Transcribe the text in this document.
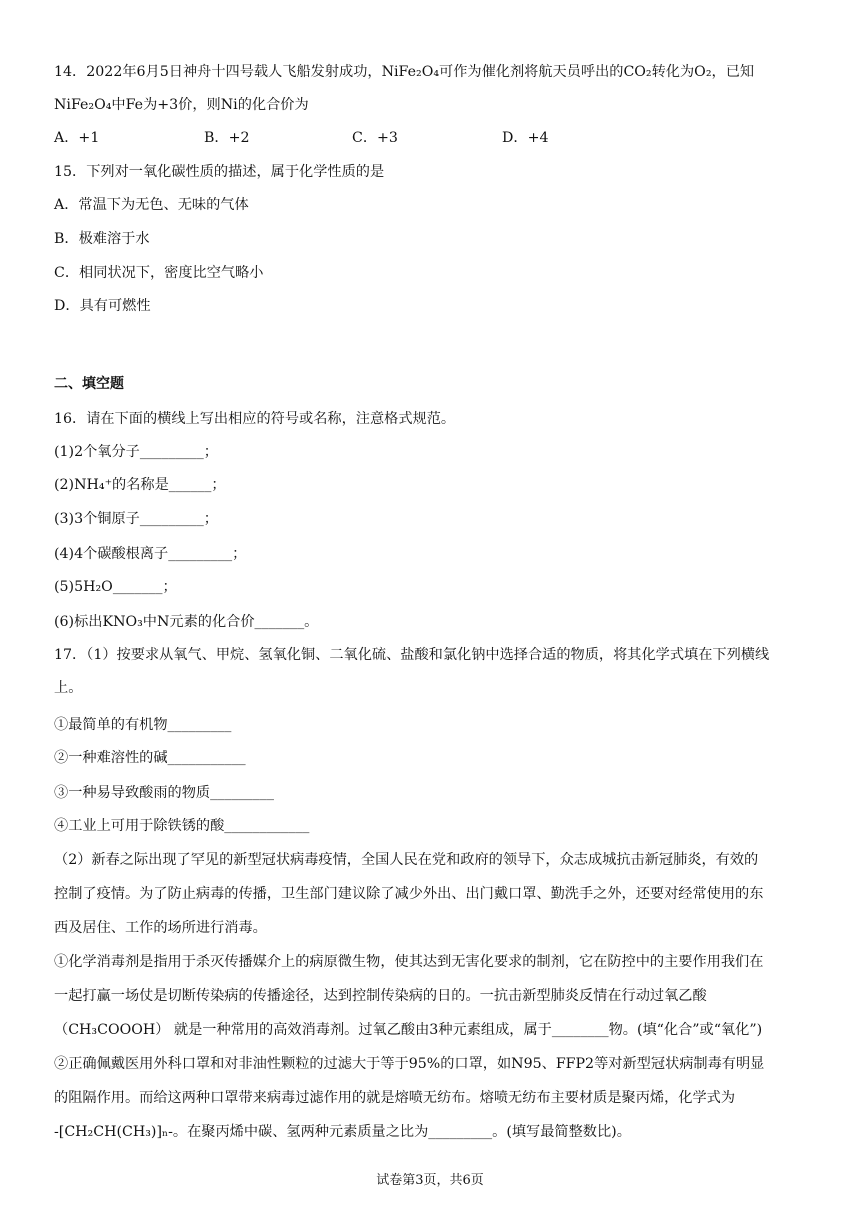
14．2022年6月5日神舟十四号载人飞船发射成功，NiFe₂O₄可作为催化剂将航天员呼出的CO₂转化为O₂，已知
NiFe₂O₄中Fe为+3价，则Ni的化合价为
A．+1	B．+2	C．+3	D．+4
15．下列对一氧化碳性质的描述，属于化学性质的是
A．常温下为无色、无味的气体
B．极难溶于水
C．相同状况下，密度比空气略小
D．具有可燃性
二、填空题
16．请在下面的横线上写出相应的符号或名称，注意格式规范。
(1)2个氧分子_________；
(2)NH₄⁺的名称是______；
(3)3个铜原子_________；
(4)4个碳酸根离子_________；
(5)5H₂O_______；
(6)标出KNO₃中N元素的化合价_______。
17．（1）按要求从氧气、甲烷、氢氧化铜、二氧化硫、盐酸和氯化钠中选择合适的物质，将其化学式填在下列横线
上。
①最简单的有机物_________
②一种难溶性的碱___________
③一种易导致酸雨的物质_________
④工业上可用于除铁锈的酸____________
（2）新春之际出现了罕见的新型冠状病毒疫情，全国人民在党和政府的领导下，众志成城抗击新冠肺炎，有效的
控制了疫情。为了防止病毒的传播，卫生部门建议除了减少外出、出门戴口罩、勤洗手之外，还要对经常使用的东
西及居住、工作的场所进行消毒。
①化学消毒剂是指用于杀灭传播媒介上的病原微生物，使其达到无害化要求的制剂，它在防控中的主要作用我们在
一起打赢一场仗是切断传染病的传播途径，达到控制传染病的日的。一抗击新型肺炎反情在行动过氧乙酸
（CH₃COOOH） 就是一种常用的高效消毒剂。过氧乙酸由3种元素组成，属于________物。(填“化合”或“氧化”)
②正确佩戴医用外科口罩和对非油性颗粒的过滤大于等于95%的口罩，如N95、FFP2等对新型冠状病制毒有明显
的阻隔作用。而给这两种口罩带来病毒过滤作用的就是熔喷无纺布。熔喷无纺布主要材质是聚丙烯，化学式为
-[CH₂CH(CH₃)]ₙ-。在聚丙烯中碳、氢两种元素质量之比为_________。(填写最简整数比)。
试卷第3页，共6页
